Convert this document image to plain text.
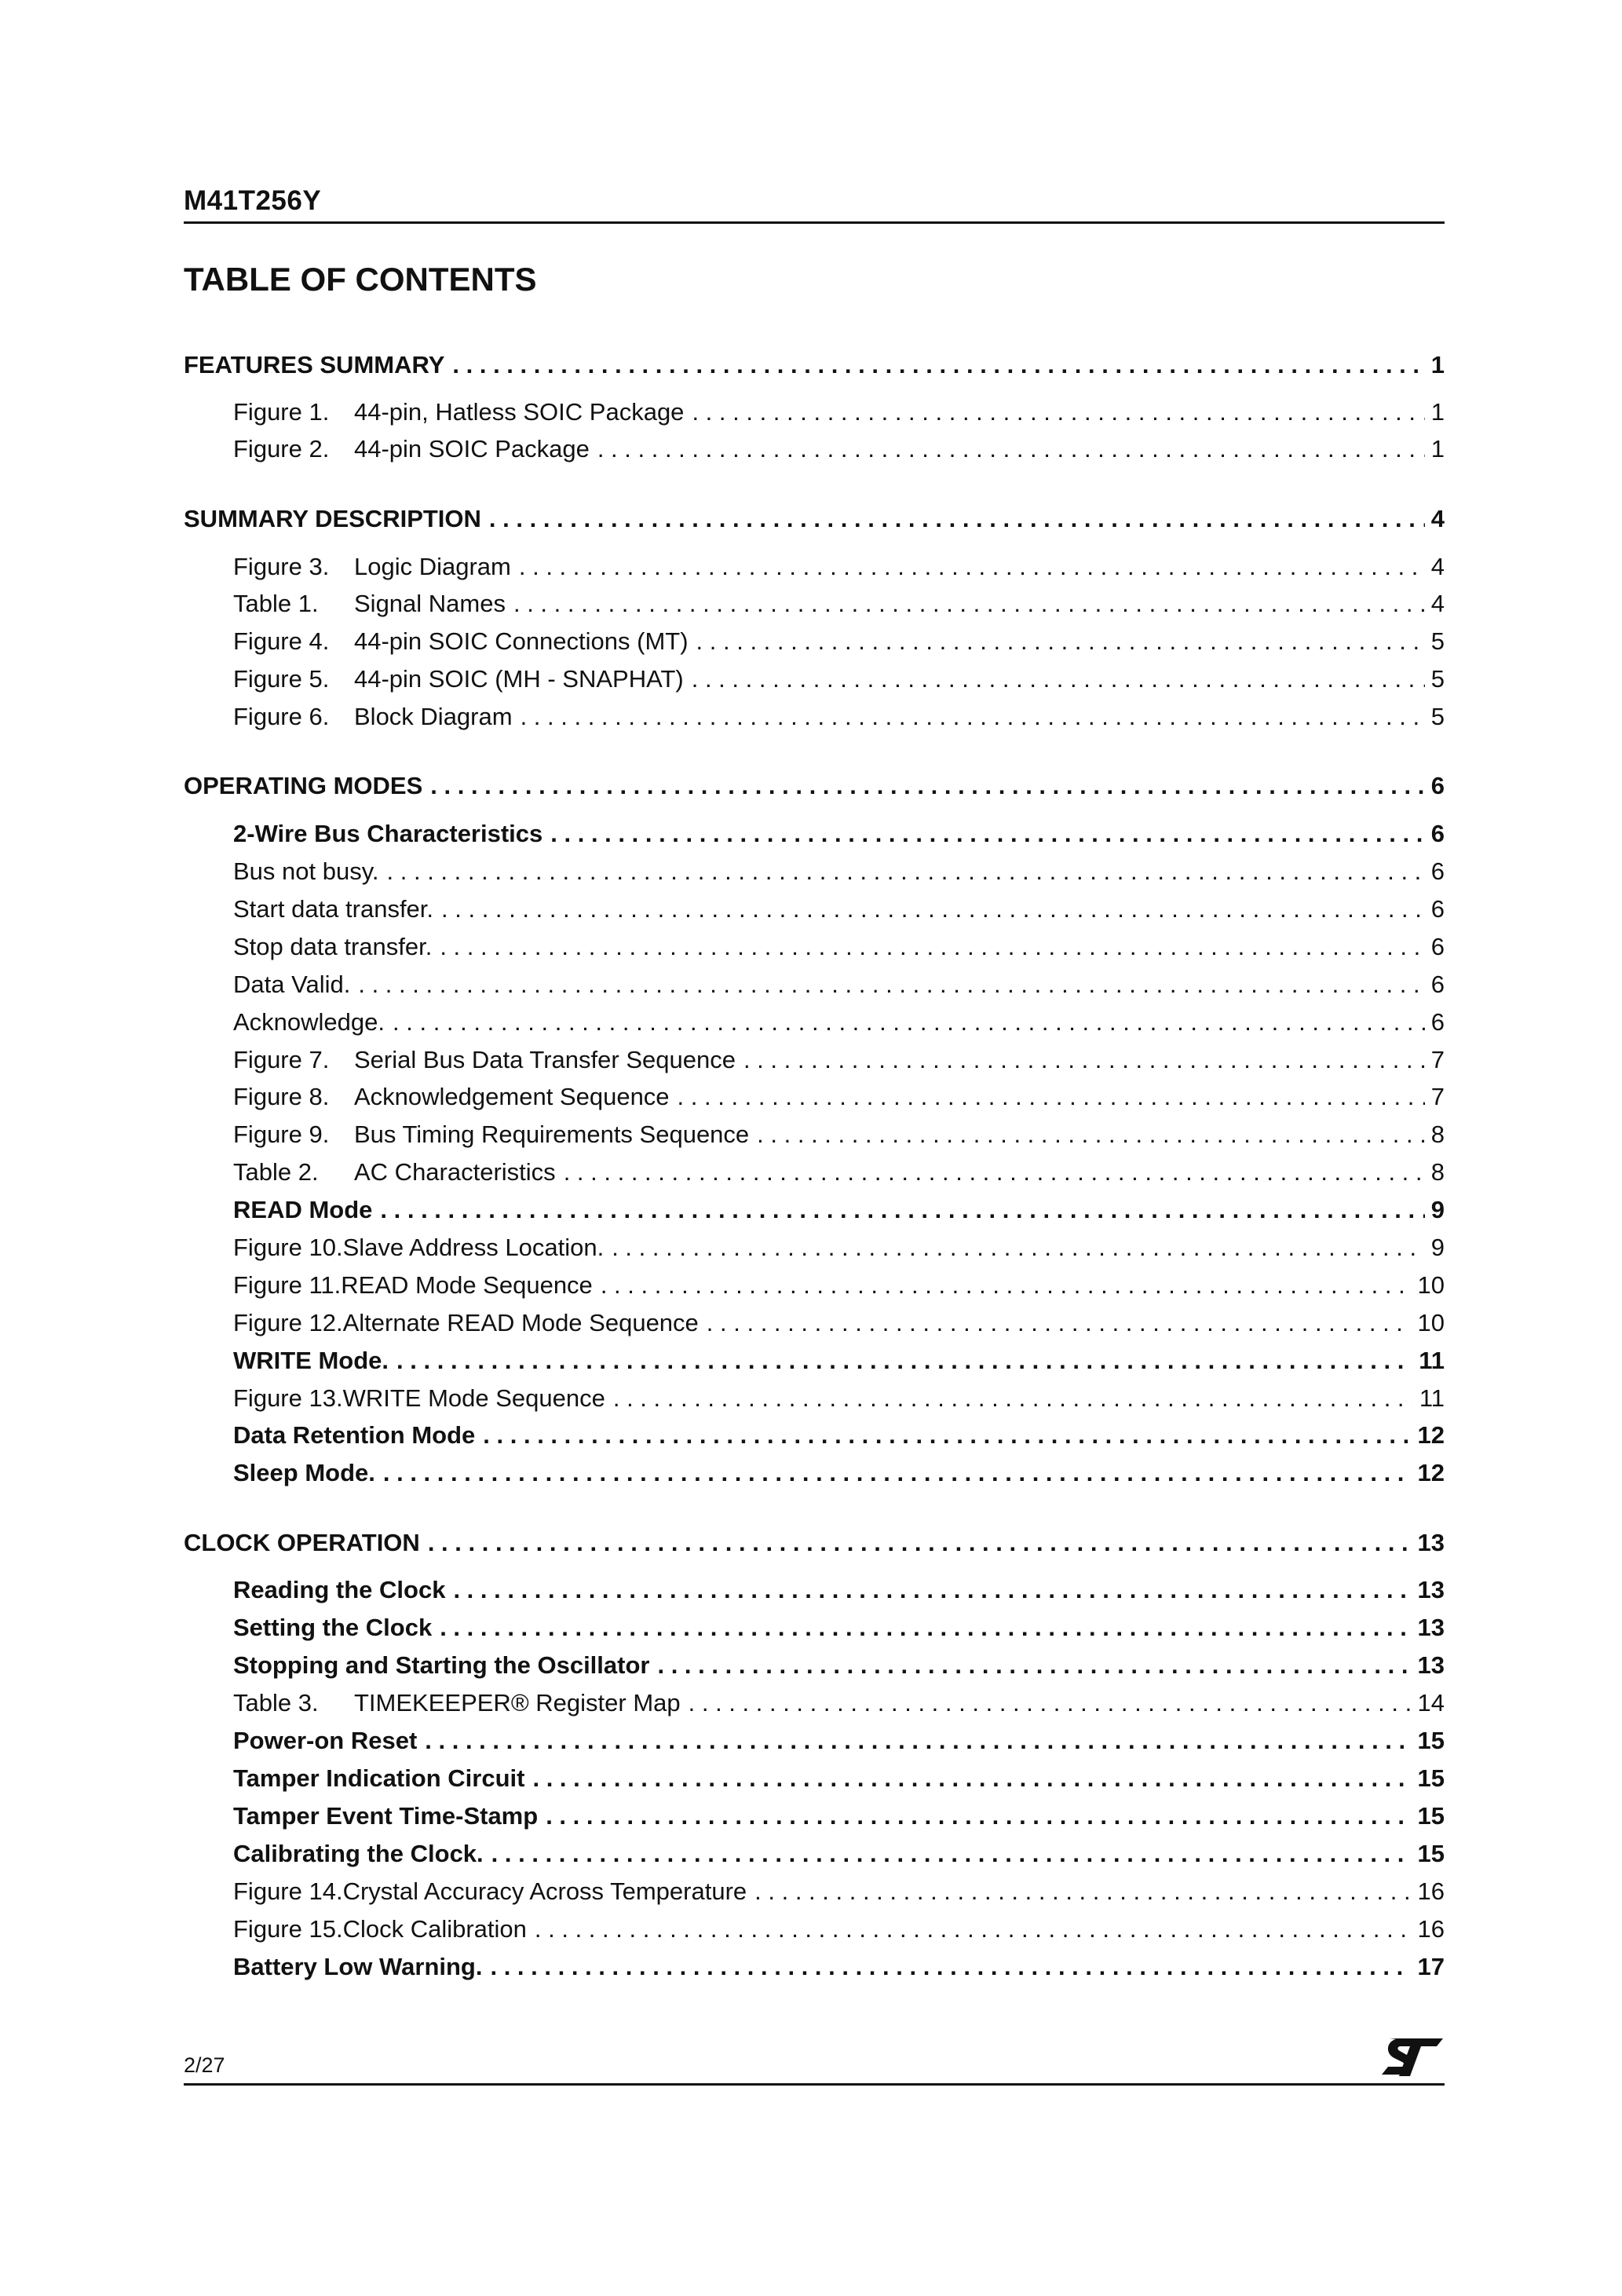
M41T256Y
TABLE OF CONTENTS
FEATURES SUMMARY . . .	1
Figure 1.	44-pin, Hatless SOIC Package . . .	1
Figure 2.	44-pin SOIC Package . . .	1
SUMMARY DESCRIPTION . . .	4
Figure 3.	Logic Diagram . . .	4
Table 1.	Signal Names . . .	4
Figure 4.	44-pin SOIC Connections (MT) . . .	5
Figure 5.	44-pin SOIC (MH - SNAPHAT) . . .	5
Figure 6.	Block Diagram . . .	5
OPERATING MODES . . .	6
2-Wire Bus Characteristics . . .	6
Bus not busy. . . .	6
Start data transfer. . . .	6
Stop data transfer. . . .	6
Data Valid. . . .	6
Acknowledge. . . .	6
Figure 7.	Serial Bus Data Transfer Sequence . . .	7
Figure 8.	Acknowledgement Sequence . . .	7
Figure 9.	Bus Timing Requirements Sequence . . .	8
Table 2.	AC Characteristics . . .	8
READ Mode . . .	9
Figure 10. Slave Address Location. . . .	9
Figure 11. READ Mode Sequence . . .	10
Figure 12. Alternate READ Mode Sequence . . .	10
WRITE Mode. . . .	11
Figure 13. WRITE Mode Sequence . . .	11
Data Retention Mode . . .	12
Sleep Mode. . . .	12
CLOCK OPERATION . . .	13
Reading the Clock . . .	13
Setting the Clock . . .	13
Stopping and Starting the Oscillator . . .	13
Table 3.	TIMEKEEPER® Register Map . . .	14
Power-on Reset . . .	15
Tamper Indication Circuit . . .	15
Tamper Event Time-Stamp . . .	15
Calibrating the Clock. . . .	15
Figure 14. Crystal Accuracy Across Temperature . . .	16
Figure 15. Clock Calibration . . .	16
Battery Low Warning. . . .	17
2/27
